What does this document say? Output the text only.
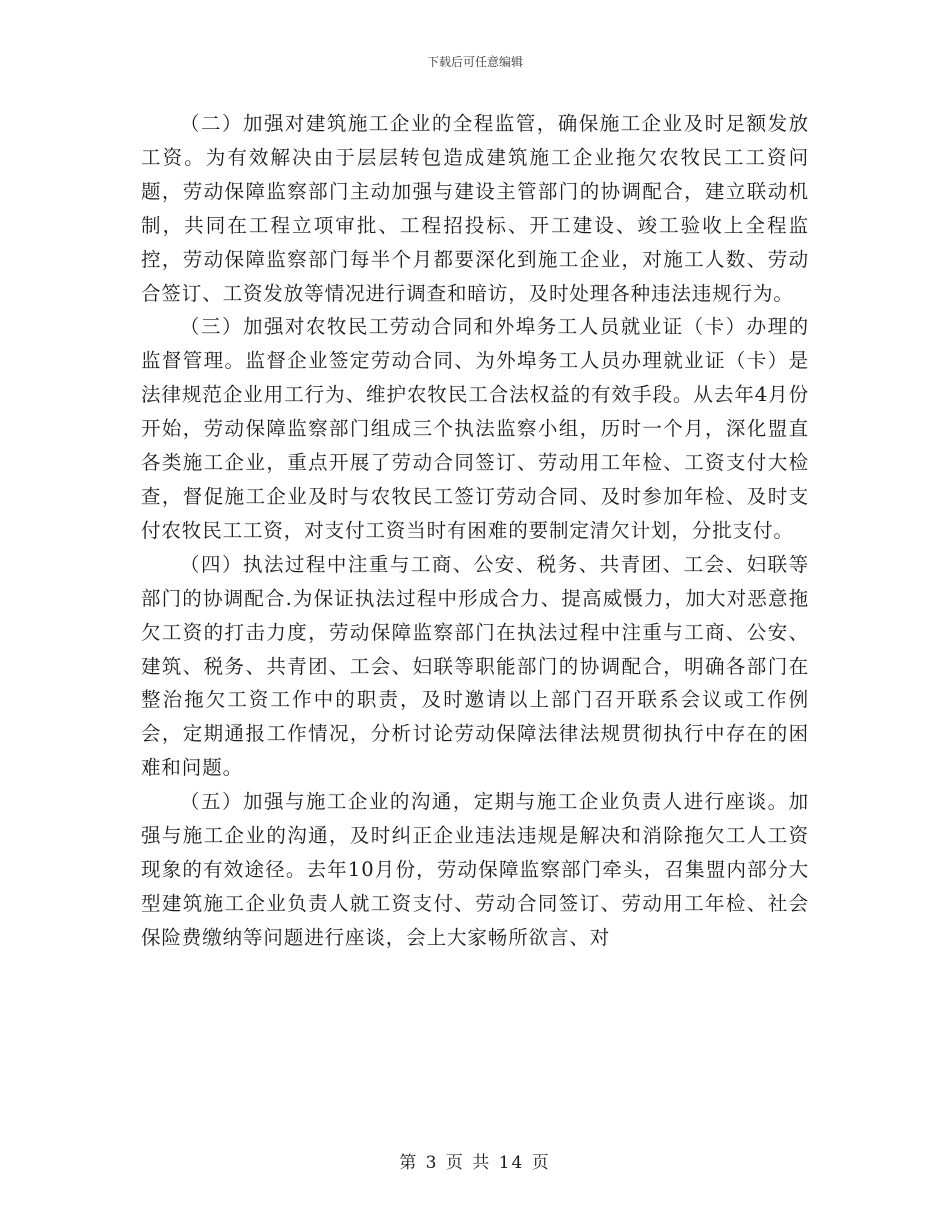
下载后可任意编辑

（二）加强对建筑施工企业的全程监管，确保施工企业及时足额发放工资。为有效解决由于层层转包造成建筑施工企业拖欠农牧民工工资问题，劳动保障监察部门主动加强与建设主管部门的协调配合，建立联动机制，共同在工程立项审批、工程招投标、开工建设、竣工验收上全程监控，劳动保障监察部门每半个月都要深化到施工企业，对施工人数、劳动合签订、工资发放等情况进行调查和暗访，及时处理各种违法违规行为。

（三）加强对农牧民工劳动合同和外埠务工人员就业证（卡）办理的监督管理。监督企业签定劳动合同、为外埠务工人员办理就业证（卡）是法律规范企业用工行为、维护农牧民工合法权益的有效手段。从去年4月份开始，劳动保障监察部门组成三个执法监察小组，历时一个月，深化盟直各类施工企业，重点开展了劳动合同签订、劳动用工年检、工资支付大检查，督促施工企业及时与农牧民工签订劳动合同、及时参加年检、及时支付农牧民工工资，对支付工资当时有困难的要制定清欠计划，分批支付。

（四）执法过程中注重与工商、公安、税务、共青团、工会、妇联等部门的协调配合.为保证执法过程中形成合力、提高威慑力，加大对恶意拖欠工资的打击力度，劳动保障监察部门在执法过程中注重与工商、公安、建筑、税务、共青团、工会、妇联等职能部门的协调配合，明确各部门在整治拖欠工资工作中的职责，及时邀请以上部门召开联系会议或工作例会，定期通报工作情况，分析讨论劳动保障法律法规贯彻执行中存在的困难和问题。

（五）加强与施工企业的沟通，定期与施工企业负责人进行座谈。加强与施工企业的沟通，及时纠正企业违法违规是解决和消除拖欠工人工资现象的有效途径。去年10月份，劳动保障监察部门牵头，召集盟内部分大型建筑施工企业负责人就工资支付、劳动合同签订、劳动用工年检、社会保险费缴纳等问题进行座谈，会上大家畅所欲言、对

第 3 页 共 14 页
